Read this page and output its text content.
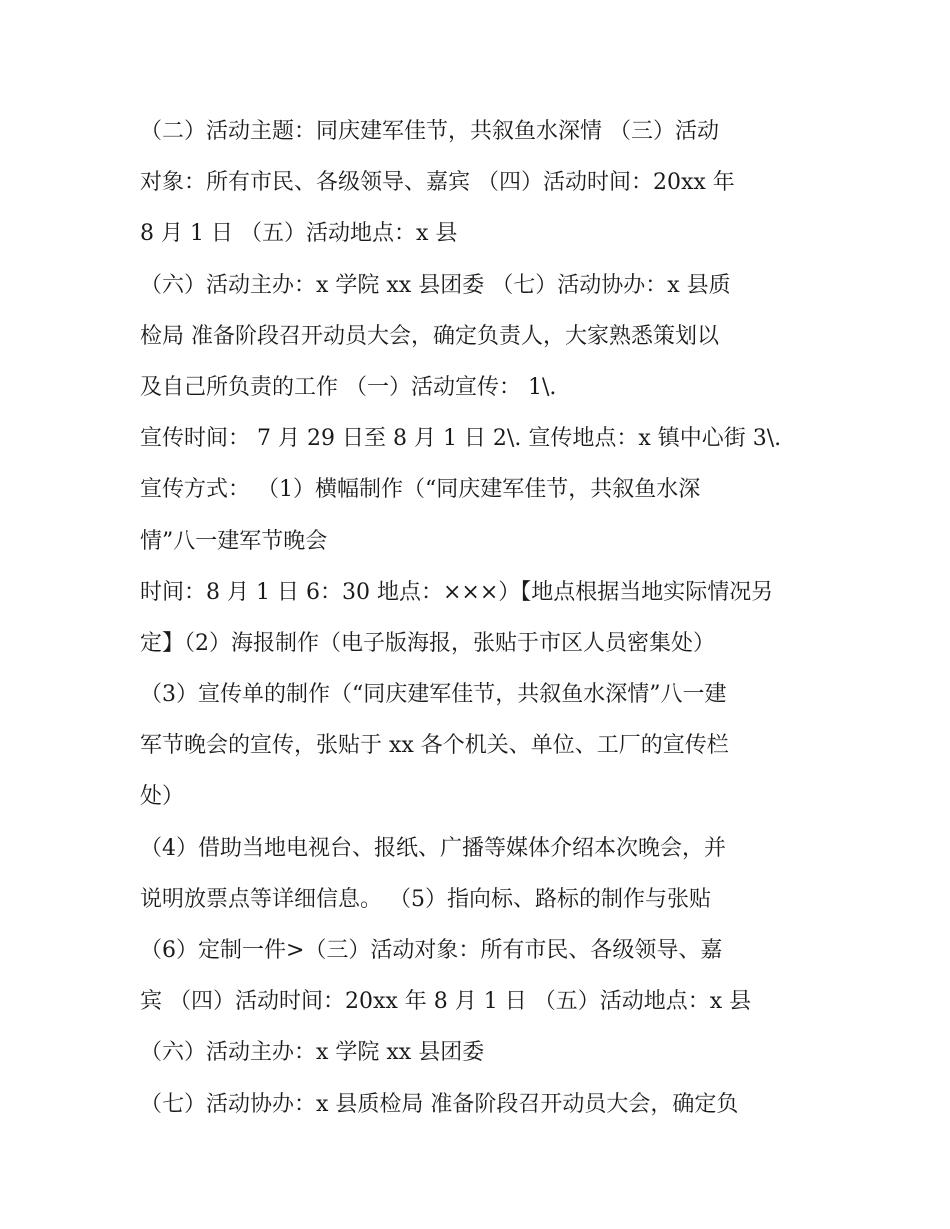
（二）活动主题：同庆建军佳节，共叙鱼水深情 （三）活动

对象：所有市民、各级领导、嘉宾 （四）活动时间：20xx 年

8 月 1 日 （五）活动地点：x 县

（六）活动主办：x 学院 xx 县团委 （七）活动协办：x 县质

检局 准备阶段召开动员大会，确定负责人，大家熟悉策划以

及自己所负责的工作 （一）活动宣传： 1\.

宣传时间： 7 月 29 日至 8 月 1 日 2\. 宣传地点：x 镇中心街 3\.

宣传方式： （1）横幅制作（“同庆建军佳节，共叙鱼水深

情”八一建军节晚会

时间：8 月 1 日 6：30 地点：×××）【地点根据当地实际情况另

定】（2）海报制作（电子版海报，张贴于市区人员密集处）

（3）宣传单的制作（“同庆建军佳节，共叙鱼水深情”八一建

军节晚会的宣传，张贴于 xx 各个机关、单位、工厂的宣传栏

处）

（4）借助当地电视台、报纸、广播等媒体介绍本次晚会，并

说明放票点等详细信息。 （5）指向标、路标的制作与张贴

（6）定制一件>（三）活动对象：所有市民、各级领导、嘉

宾 （四）活动时间：20xx 年 8 月 1 日 （五）活动地点：x 县

（六）活动主办：x 学院 xx 县团委

（七）活动协办：x 县质检局 准备阶段召开动员大会，确定负
